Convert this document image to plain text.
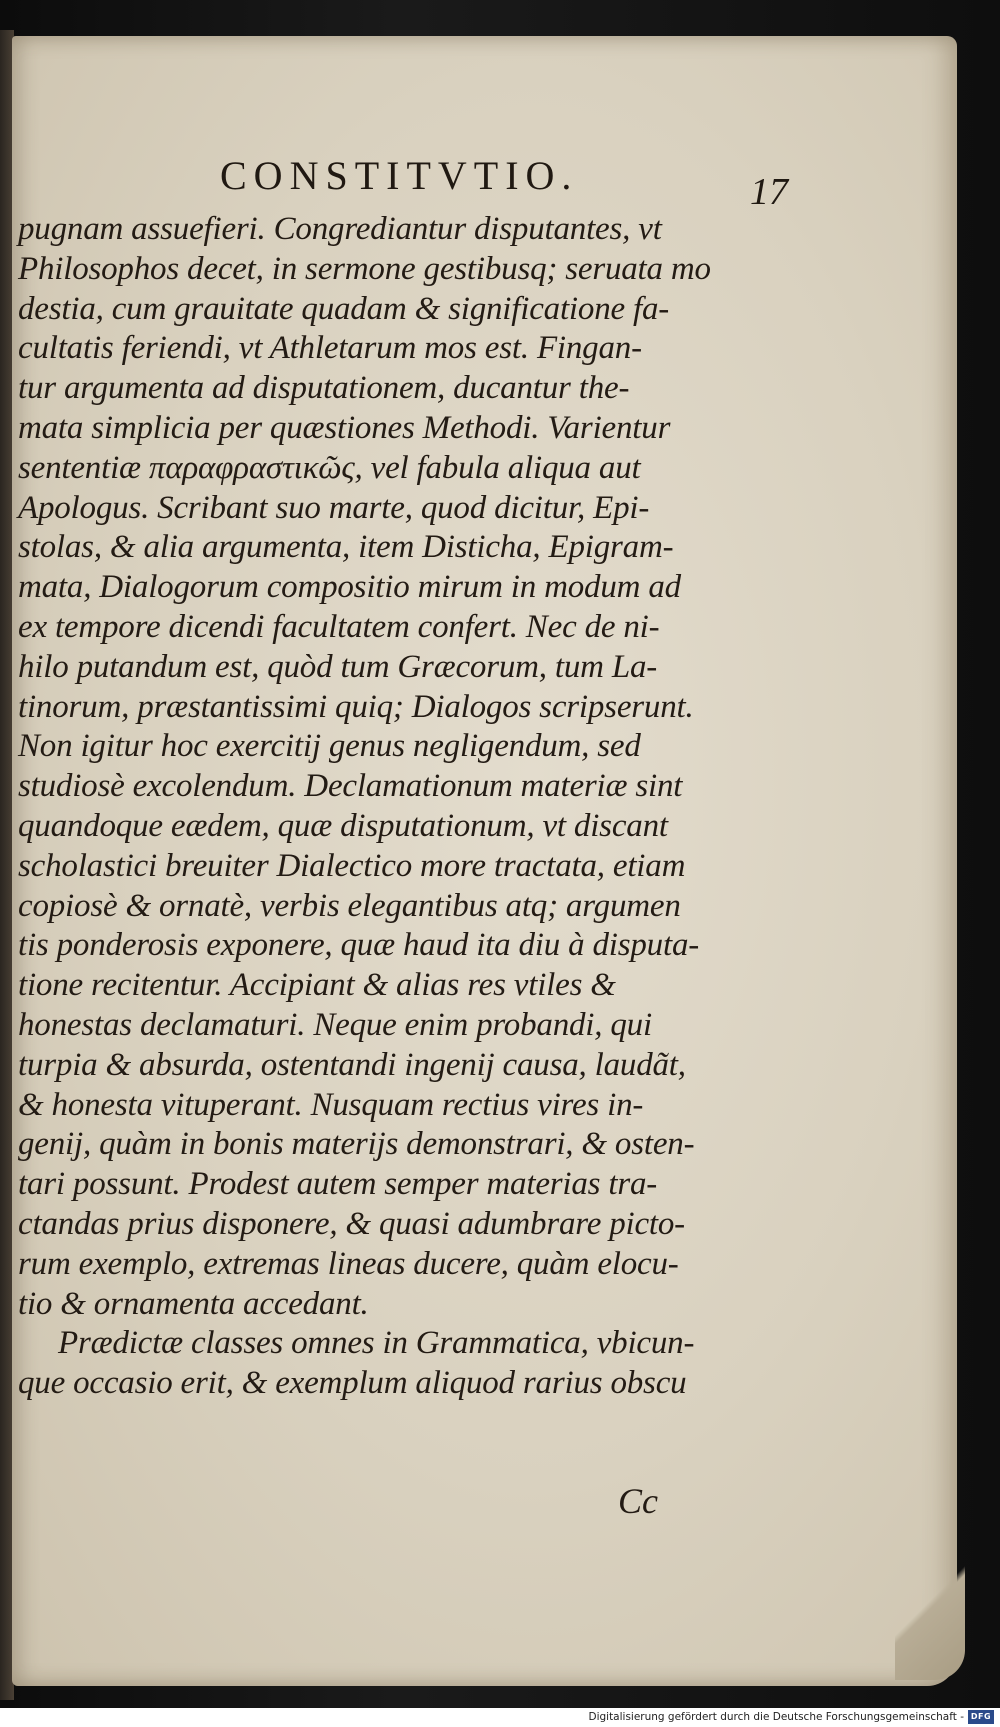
CONSTITVTIO.	17
pugnam assuefieri. Congrediantur disputantes, vt
Philosophos decet, in sermone gestibusq; seruata mo
destia, cum grauitate quadam & significatione fa-
cultatis feriendi, vt Athletarum mos est. Fingan-
tur argumenta ad disputationem, ducantur the-
mata simplicia per quæstiones Methodi. Varientur
sententiæ παραφραστικῶς, vel fabula aliqua aut
Apologus. Scribant suo marte, quod dicitur, Epi-
stolas, & alia argumenta, item Disticha, Epigram-
mata, Dialogorum compositio mirum in modum ad
ex tempore dicendi facultatem confert. Nec de ni-
hilo putandum est, quòd tum Græcorum, tum La-
tinorum, præstantissimi quiq; Dialogos scripserunt.
Non igitur hoc exercitij genus negligendum, sed
studiosè excolendum. Declamationum materiæ sint
quandoque eædem, quæ disputationum, vt discant
scholastici breuiter Dialectico more tractata, etiam
copiosè & ornatè, verbis elegantibus atq; argumen
tis ponderosis exponere, quæ haud ita diu à disputa-
tione recitentur. Accipiant & alias res vtiles &
honestas declamaturi. Neque enim probandi, qui
turpia & absurda, ostentandi ingenij causa, laudãt,
& honesta vituperant. Nusquam rectius vires in-
genij, quàm in bonis materijs demonstrari, & osten-
tari possunt. Prodest autem semper materias tra-
ctandas prius disponere, & quasi adumbrare picto-
rum exemplo, extremas lineas ducere, quàm elocu-
tio & ornamenta accedant.
Prædictæ classes omnes in Grammatica, vbicun-
que occasio erit, & exemplum aliquod rarius obscu
Cc
Digitalisierung gefördert durch die Deutsche Forschungsgemeinschaft - DFG
